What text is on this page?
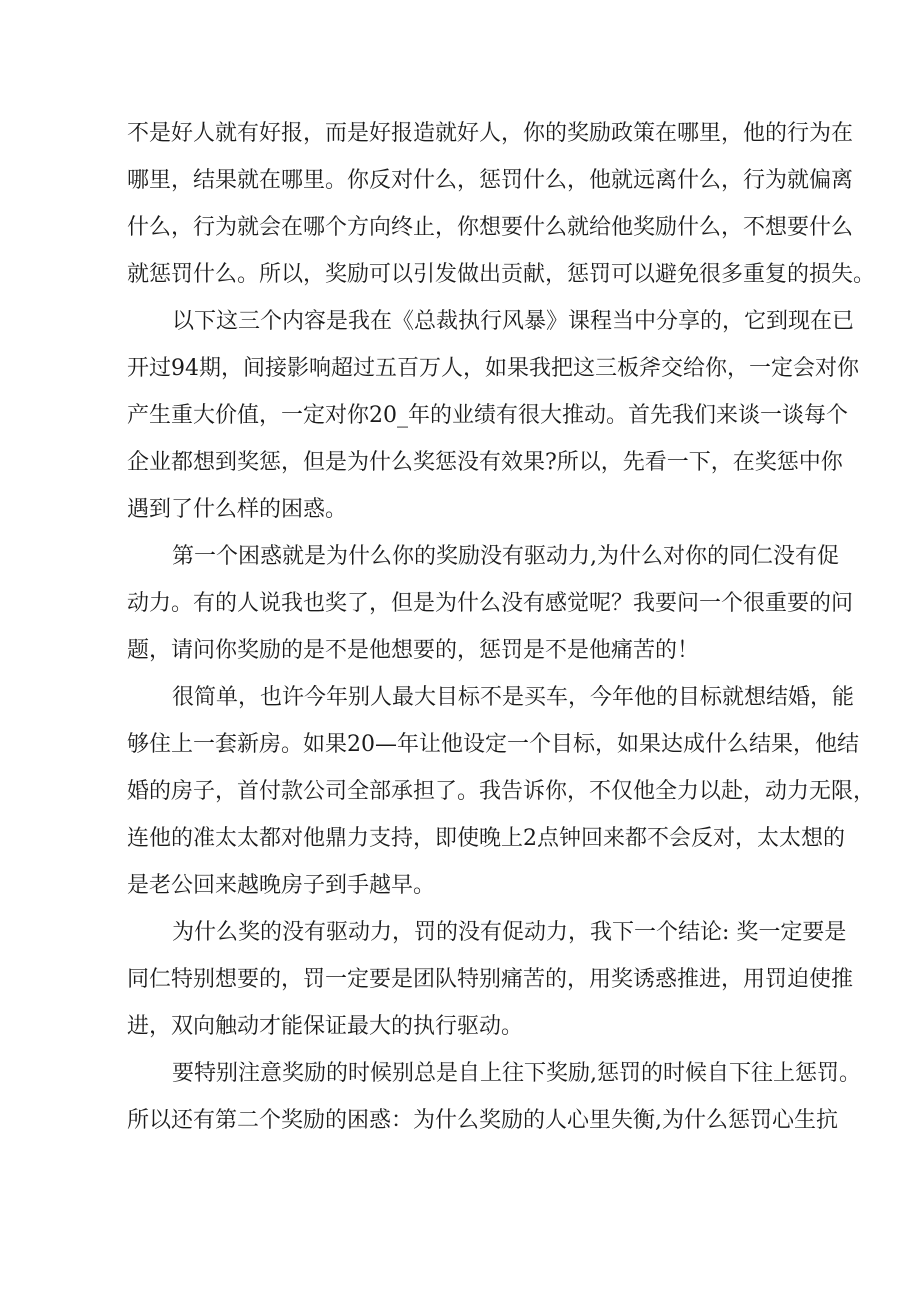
不是好人就有好报，而是好报造就好人，你的奖励政策在哪里，他的行为在
哪里，结果就在哪里。你反对什么，惩罚什么，他就远离什么，行为就偏离
什么，行为就会在哪个方向终止，你想要什么就给他奖励什么，不想要什么
就惩罚什么。所以，奖励可以引发做出贡献，惩罚可以避免很多重复的损失。
以下这三个内容是我在《总裁执行风暴》课程当中分享的，它到现在已
开过94期，间接影响超过五百万人，如果我把这三板斧交给你，一定会对你
产生重大价值，一定对你20_年的业绩有很大推动。首先我们来谈一谈每个
企业都想到奖惩，但是为什么奖惩没有效果?所以，先看一下，在奖惩中你
遇到了什么样的困惑。
第一个困惑就是为什么你的奖励没有驱动力,为什么对你的同仁没有促
动力。有的人说我也奖了，但是为什么没有感觉呢？我要问一个很重要的问
题，请问你奖励的是不是他想要的，惩罚是不是他痛苦的！
很简单，也许今年别人最大目标不是买车，今年他的目标就想结婚，能
够住上一套新房。如果20—年让他设定一个目标，如果达成什么结果，他结
婚的房子，首付款公司全部承担了。我告诉你，不仅他全力以赴，动力无限，
连他的准太太都对他鼎力支持，即使晚上2点钟回来都不会反对，太太想的
是老公回来越晚房子到手越早。
为什么奖的没有驱动力，罚的没有促动力，我下一个结论: 奖一定要是
同仁特别想要的，罚一定要是团队特别痛苦的，用奖诱惑推进，用罚迫使推
进，双向触动才能保证最大的执行驱动。
要特别注意奖励的时候别总是自上往下奖励,惩罚的时候自下往上惩罚。
所以还有第二个奖励的困惑：为什么奖励的人心里失衡,为什么惩罚心生抗
